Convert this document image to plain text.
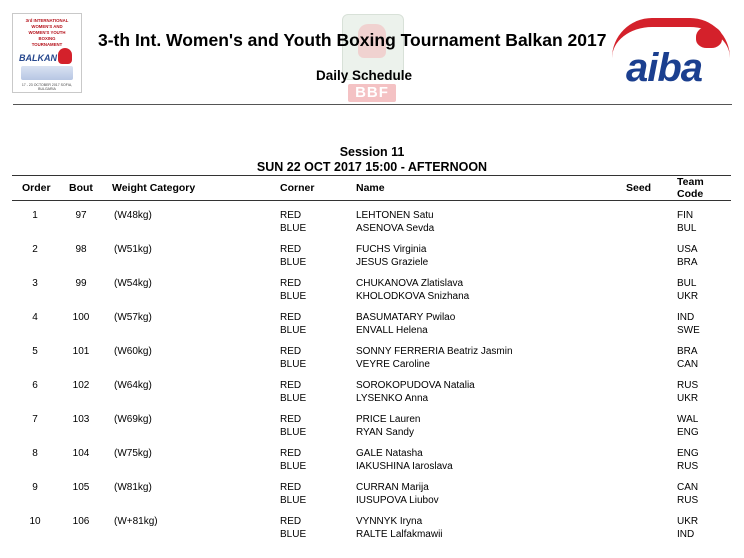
3rd INTERNATIONAL
WOMEN'S AND
WOMEN'S YOUTH
BOXING
TOURNAMENT
BALKAN
17 - 23 OCTOBER 2017 SOFIA, BULGARIA	BBF
3-th Int. Women's and Youth Boxing Tournament Balkan 2017
Daily Schedule	aiba
Session 11
SUN 22 OCT 2017 15:00 - AFTERNOON
Order Bout Weight Category	Corner	Name	Seed Team
Code
1	97	(W48kg)	RED	LEHTONEN Satu	FIN
BLUE	ASENOVA Sevda	BUL
2	98	(W51kg)	RED	FUCHS Virginia	USA
BLUE	JESUS Graziele	BRA
3	99	(W54kg)	RED	CHUKANOVA Zlatislava	BUL
BLUE	KHOLODKOVA Snizhana	UKR
4	100	(W57kg)	RED	BASUMATARY Pwilao	IND
BLUE	ENVALL Helena	SWE
5	101	(W60kg)	RED	SONNY FERRERIA Beatriz Jasmin	BRA
BLUE	VEYRE Caroline	CAN
6	102	(W64kg)	RED	SOROKOPUDOVA Natalia	RUS
BLUE	LYSENKO Anna	UKR
7	103	(W69kg)	RED	PRICE Lauren	WAL
BLUE	RYAN Sandy	ENG
8	104	(W75kg)	RED	GALE Natasha	ENG
BLUE	IAKUSHINA Iaroslava	RUS
9	105	(W81kg)	RED	CURRAN Marija	CAN
BLUE	IUSUPOVA Liubov	RUS
10	106	(W+81kg)	RED	VYNNYK Iryna	UKR
BLUE	RALTE Lalfakmawii	IND
